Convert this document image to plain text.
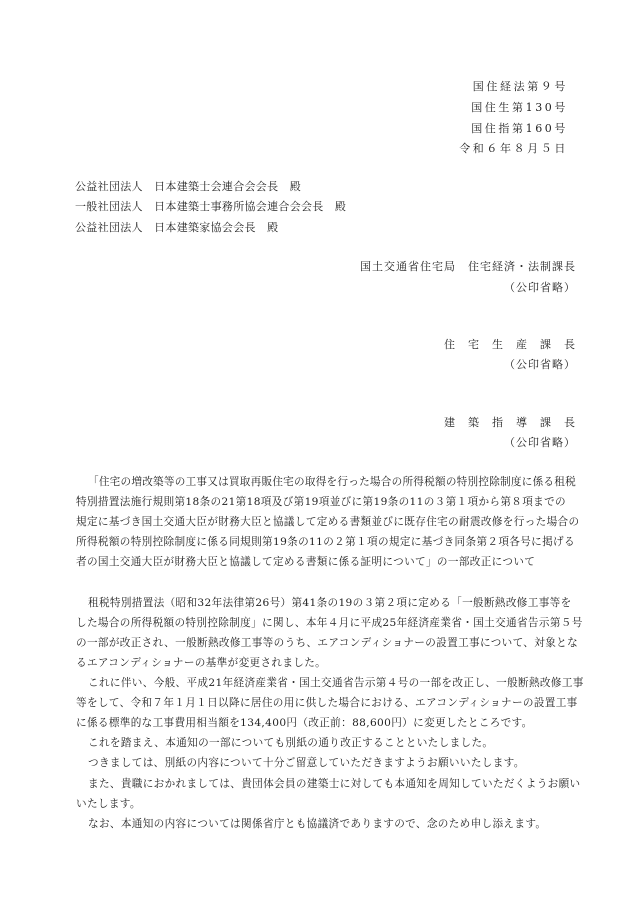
国住経法第９号
国住生第130号
国住指第160号
令和６年８月５日
公益社団法人　日本建築士会連合会会長　殿
一般社団法人　日本建築士事務所協会連合会会長　殿
公益社団法人　日本建築家協会会長　殿
国土交通省住宅局　住宅経済・法制課長
（公印省略）
住　宅　生　産　課　長
（公印省略）
建　築　指　導　課　長
（公印省略）
「住宅の増改築等の工事又は買取再販住宅の取得を行った場合の所得税額の特別控除制度に係る租税
特別措置法施行規則第18条の21第18項及び第19項並びに第19条の11の３第１項から第８項までの
規定に基づき国土交通大臣が財務大臣と協議して定める書類並びに既存住宅の耐震改修を行った場合の
所得税額の特別控除制度に係る同規則第19条の11の２第１項の規定に基づき同条第２項各号に掲げる
者の国土交通大臣が財務大臣と協議して定める書類に係る証明について」の一部改正について
租税特別措置法（昭和32年法律第26号）第41条の19の３第２項に定める「一般断熱改修工事等を
した場合の所得税額の特別控除制度」に関し、本年４月に平成25年経済産業省・国土交通省告示第５号
の一部が改正され、一般断熱改修工事等のうち、エアコンディショナーの設置工事について、対象とな
るエアコンディショナーの基準が変更されました。
これに伴い、今般、平成21年経済産業省・国土交通省告示第４号の一部を改正し、一般断熱改修工事
等をして、令和７年１月１日以降に居住の用に供した場合における、エアコンディショナーの設置工事
に係る標準的な工事費用相当額を134,400円（改正前：88,600円）に変更したところです。
これを踏まえ、本通知の一部についても別紙の通り改正することといたしました。
つきましては、別紙の内容について十分ご留意していただきますようお願いいたします。
また、貴職におかれましては、貴団体会員の建築士に対しても本通知を周知していただくようお願い
いたします。
なお、本通知の内容については関係省庁とも協議済でありますので、念のため申し添えます。
